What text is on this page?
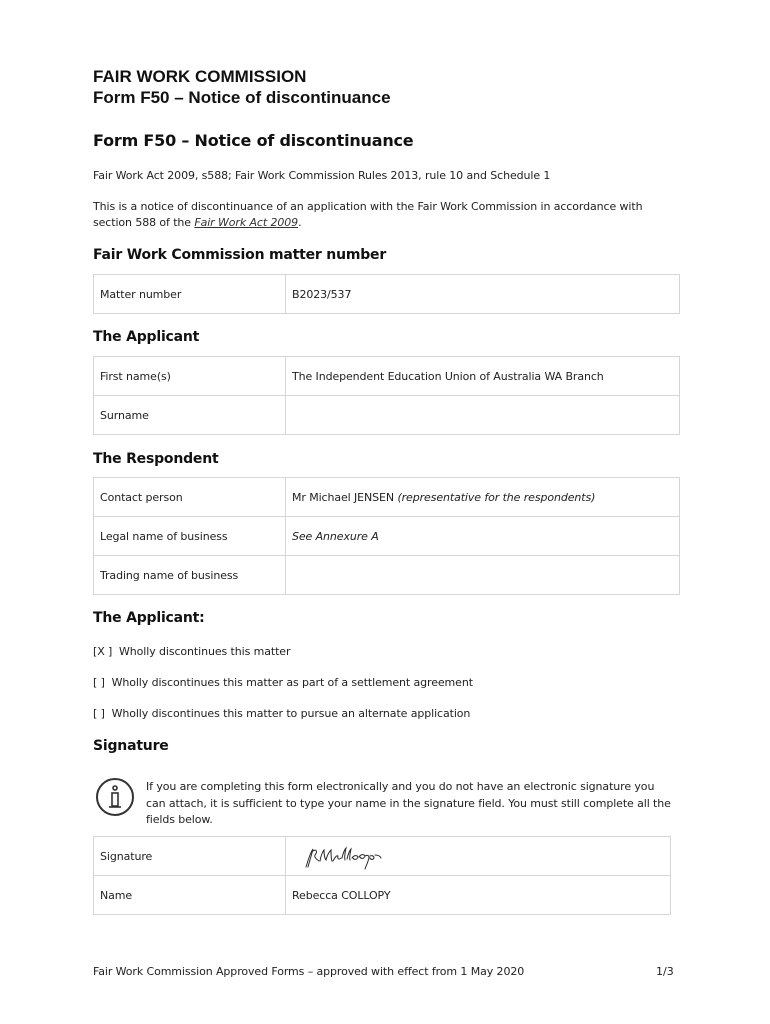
FAIR WORK COMMISSION
Form F50 – Notice of discontinuance
Form F50 – Notice of discontinuance
Fair Work Act 2009, s588; Fair Work Commission Rules 2013, rule 10 and Schedule 1
This is a notice of discontinuance of an application with the Fair Work Commission in accordance with section 588 of the Fair Work Act 2009.
Fair Work Commission matter number
Matter number	B2023/537
The Applicant
First name(s)	The Independent Education Union of Australia WA Branch
Surname	
The Respondent
Contact person	Mr Michael JENSEN (representative for the respondents)
Legal name of business	See Annexure A
Trading name of business	
The Applicant:
[X ] Wholly discontinues this matter
[ ] Wholly discontinues this matter as part of a settlement agreement
[ ] Wholly discontinues this matter to pursue an alternate application
Signature
If you are completing this form electronically and you do not have an electronic signature you can attach, it is sufficient to type your name in the signature field. You must still complete all the fields below.
Signature	
Name	Rebecca COLLOPY
Fair Work Commission Approved Forms – approved with effect from 1 May 2020	1/3
